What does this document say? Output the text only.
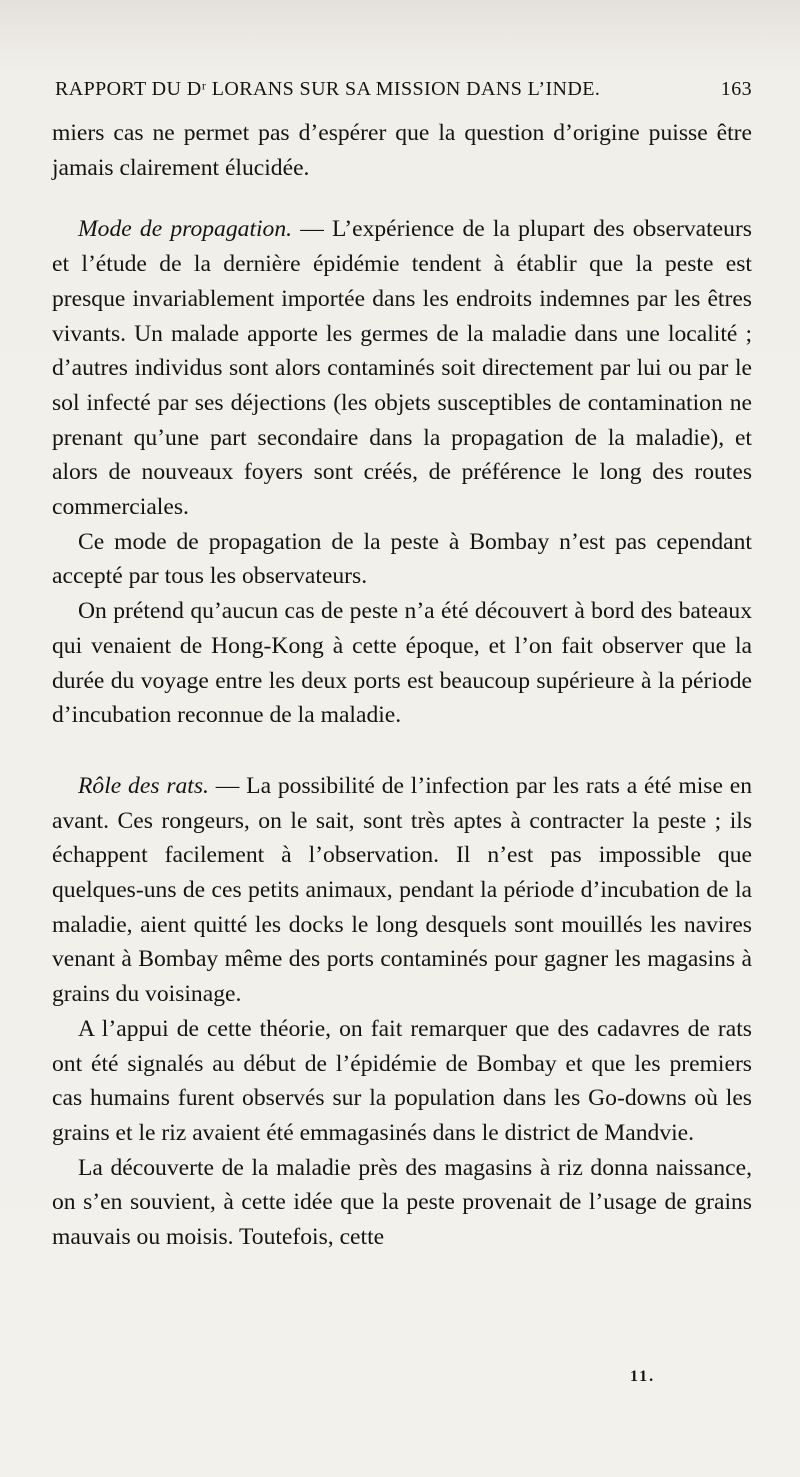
RAPPORT DU Dʳ LORANS SUR SA MISSION DANS L’INDE.	163

miers cas ne permet pas d’espérer que la question d’origine puisse être jamais clairement élucidée.

Mode de propagation. — L’expérience de la plupart des observateurs et l’étude de la dernière épidémie tendent à établir que la peste est presque invariablement importée dans les endroits indemnes par les êtres vivants. Un malade apporte les germes de la maladie dans une localité ; d’autres individus sont alors contaminés soit directement par lui ou par le sol infecté par ses déjections (les objets susceptibles de contamination ne prenant qu’une part secondaire dans la propagation de la maladie), et alors de nouveaux foyers sont créés, de préférence le long des routes commerciales.

Ce mode de propagation de la peste à Bombay n’est pas cependant accepté par tous les observateurs.

On prétend qu’aucun cas de peste n’a été découvert à bord des bateaux qui venaient de Hong-Kong à cette époque, et l’on fait observer que la durée du voyage entre les deux ports est beaucoup supérieure à la période d’incubation reconnue de la maladie.

Rôle des rats. — La possibilité de l’infection par les rats a été mise en avant. Ces rongeurs, on le sait, sont très aptes à contracter la peste ; ils échappent facilement à l’observation. Il n’est pas impossible que quelques-uns de ces petits animaux, pendant la période d’incubation de la maladie, aient quitté les docks le long desquels sont mouillés les navires venant à Bombay même des ports contaminés pour gagner les magasins à grains du voisinage.

A l’appui de cette théorie, on fait remarquer que des cadavres de rats ont été signalés au début de l’épidémie de Bombay et que les premiers cas humains furent observés sur la population dans les Go-downs où les grains et le riz avaient été emmagasinés dans le district de Mandvie.

La découverte de la maladie près des magasins à riz donna naissance, on s’en souvient, à cette idée que la peste provenait de l’usage de grains mauvais ou moisis. Toutefois, cette

11.
